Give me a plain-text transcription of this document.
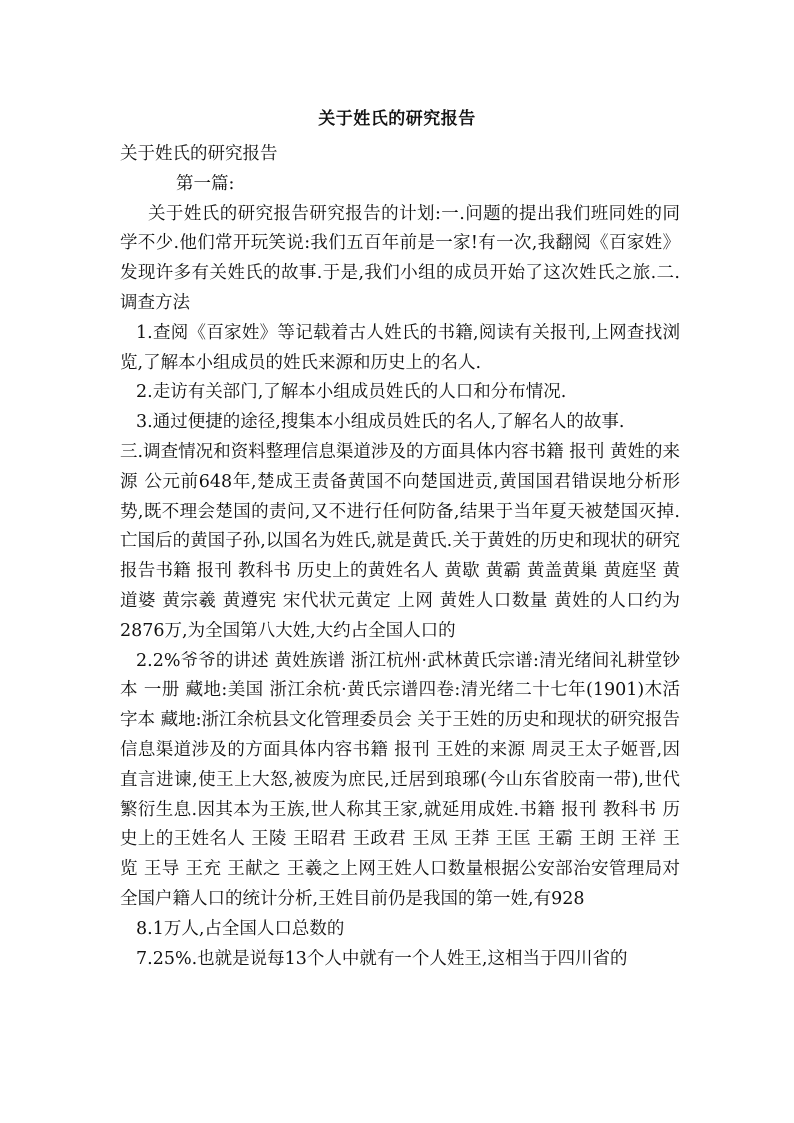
关于姓氏的研究报告

关于姓氏的研究报告

第一篇:

关于姓氏的研究报告研究报告的计划:一.问题的提出我们班同姓的同学不少.他们常开玩笑说:我们五百年前是一家!有一次,我翻阅《百家姓》发现许多有关姓氏的故事.于是,我们小组的成员开始了这次姓氏之旅.二.调查方法

1.查阅《百家姓》等记载着古人姓氏的书籍,阅读有关报刊,上网查找浏览,了解本小组成员的姓氏来源和历史上的名人.

2.走访有关部门,了解本小组成员姓氏的人口和分布情况.

3.通过便捷的途径,搜集本小组成员姓氏的名人,了解名人的故事.

三.调查情况和资料整理信息渠道涉及的方面具体内容书籍 报刊 黄姓的来源 公元前648年,楚成王责备黄国不向楚国进贡,黄国国君错误地分析形势,既不理会楚国的责问,又不进行任何防备,结果于当年夏天被楚国灭掉.亡国后的黄国子孙,以国名为姓氏,就是黄氏.关于黄姓的历史和现状的研究报告书籍 报刊 教科书 历史上的黄姓名人 黄歇 黄霸 黄盖黄巢 黄庭坚 黄道婆 黄宗羲 黄遵宪 宋代状元黄定 上网 黄姓人口数量 黄姓的人口约为2876万,为全国第八大姓,大约占全国人口的

2.2%爷爷的讲述 黄姓族谱 浙江杭州·武林黄氏宗谱:清光绪间礼耕堂钞本 一册 藏地:美国 浙江余杭·黄氏宗谱四卷:清光绪二十七年(1901)木活字本 藏地:浙江余杭县文化管理委员会 关于王姓的历史和现状的研究报告信息渠道涉及的方面具体内容书籍 报刊 王姓的来源 周灵王太子姬晋,因直言进谏,使王上大怒,被废为庶民,迁居到琅琊(今山东省胶南一带),世代繁衍生息.因其本为王族,世人称其王家,就延用成姓.书籍 报刊 教科书 历史上的王姓名人 王陵 王昭君 王政君 王凤 王莽 王匡 王霸 王朗 王祥 王览 王导 王充 王献之 王羲之上网王姓人口数量根据公安部治安管理局对全国户籍人口的统计分析,王姓目前仍是我国的第一姓,有928

8.1万人,占全国人口总数的

7.25%.也就是说每13个人中就有一个人姓王,这相当于四川省的
